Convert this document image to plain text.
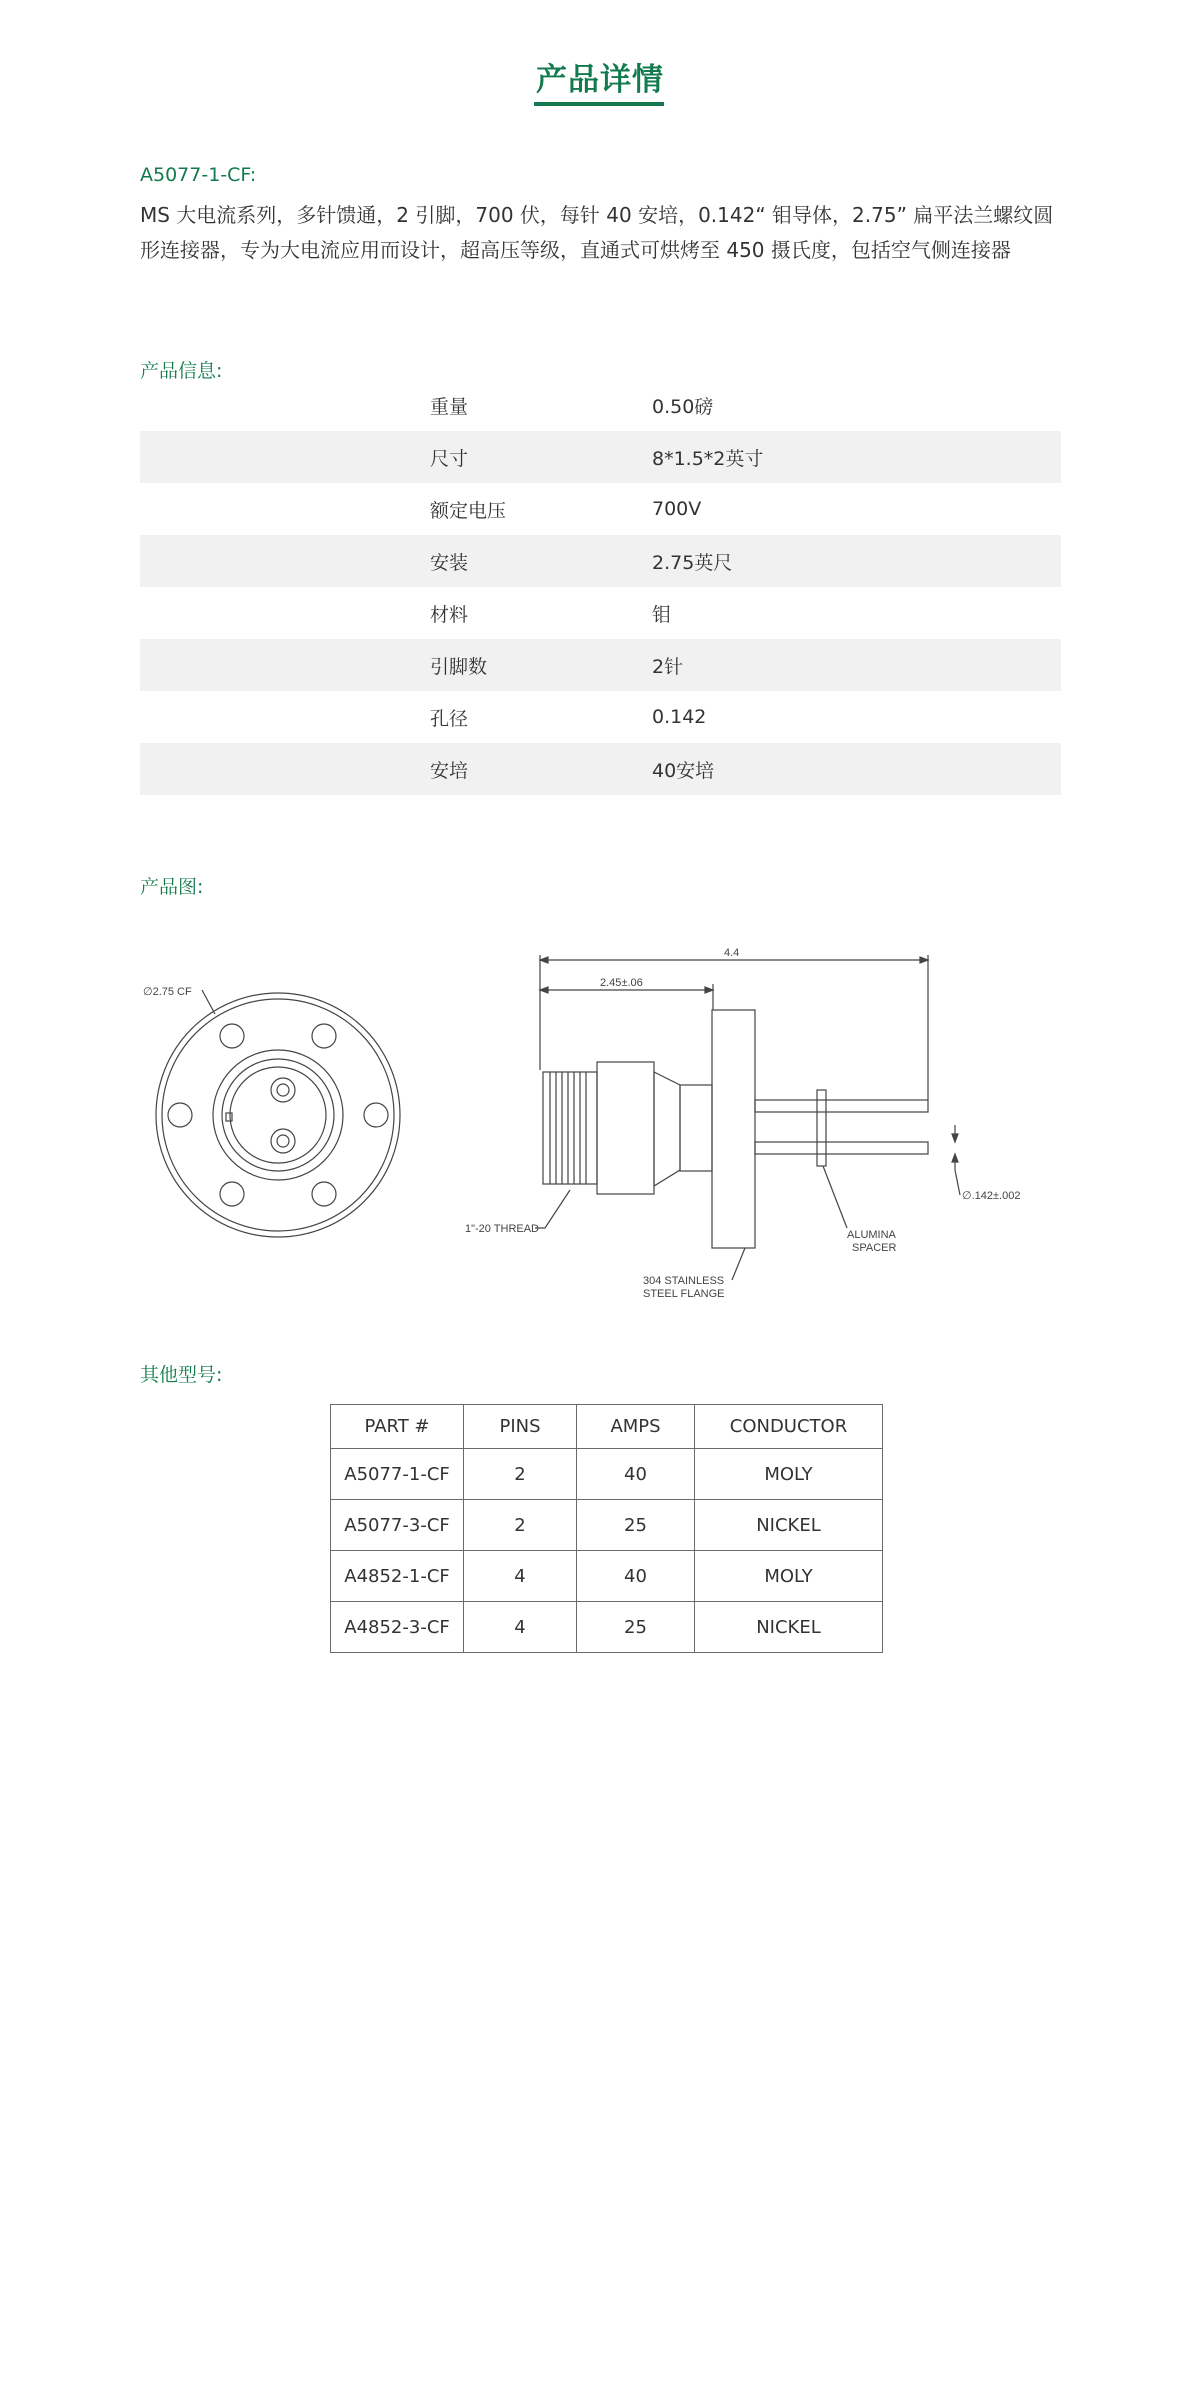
产品详情
A5077-1-CF:
MS 大电流系列，多针馈通，2 引脚，700 伏，每针 40 安培，0.142“ 钼导体，2.75” 扁平法兰螺纹圆形连接器，专为大电流应用而设计，超高压等级，直通式可烘烤至 450 摄氏度，包括空气侧连接器
产品信息:
重量	0.50磅
尺寸	8*1.5*2英寸
额定电压	700V
安装	2.75英尺
材料	钼
引脚数	2针
孔径	0.142
安培	40安培
产品图:
∅2.75 CF
4.4
2.45±.06
∅.142±.002
1"-20 THREAD
304 STAINLESS
STEEL FLANGE
ALUMINA
SPACER
其他型号:
PART #	PINS	AMPS	CONDUCTOR
A5077-1-CF	2	40	MOLY
A5077-3-CF	2	25	NICKEL
A4852-1-CF	4	40	MOLY
A4852-3-CF	4	25	NICKEL
